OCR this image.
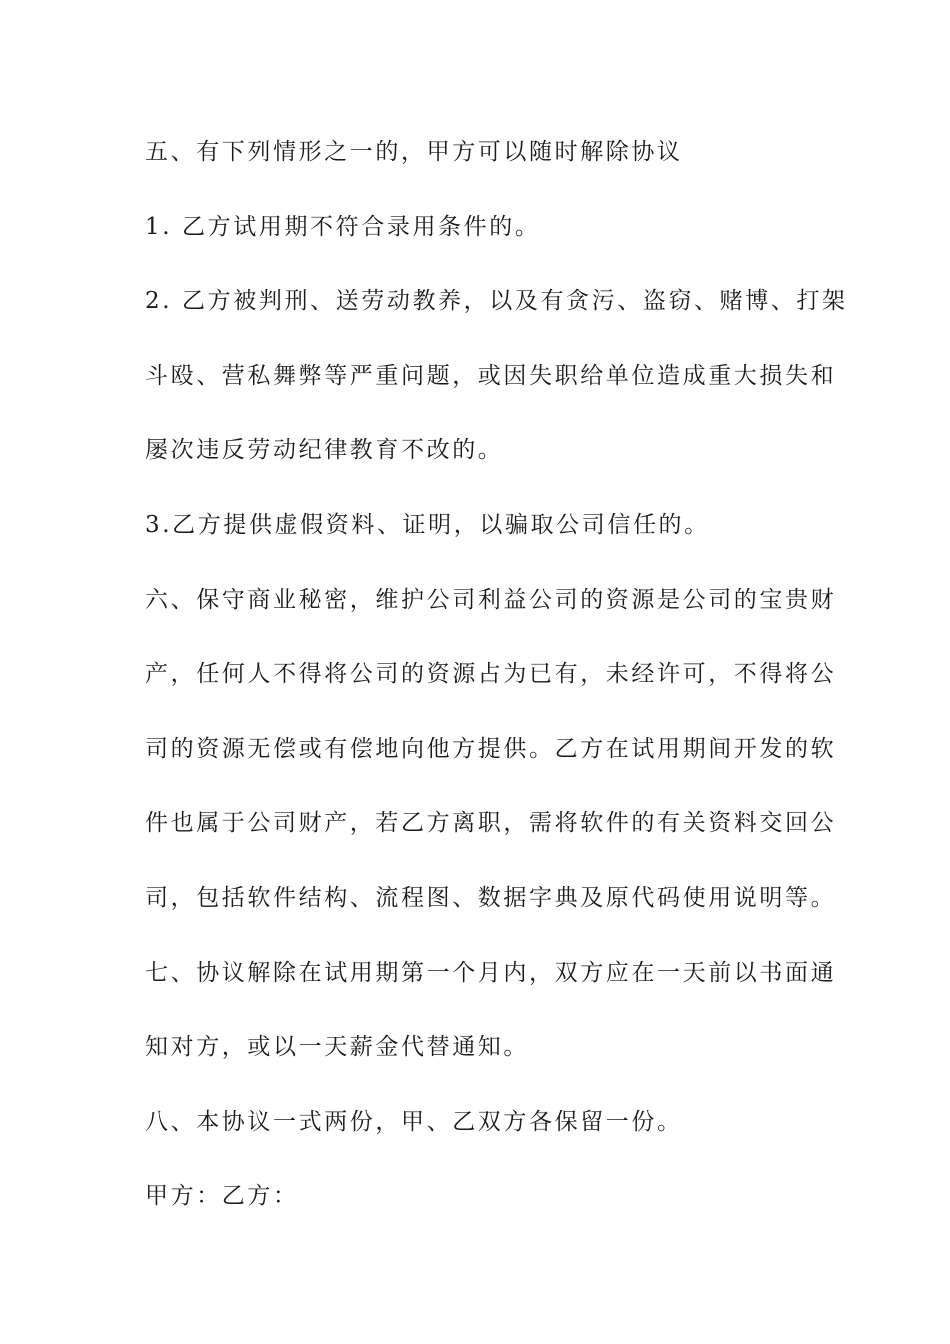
五、有下列情形之一的，甲方可以随时解除协议
1. 乙方试用期不符合录用条件的。
2. 乙方被判刑、送劳动教养，以及有贪污、盗窃、赌博、打架
斗殴、营私舞弊等严重问题，或因失职给单位造成重大损失和
屡次违反劳动纪律教育不改的。
3.乙方提供虚假资料、证明，以骗取公司信任的。
六、保守商业秘密，维护公司利益公司的资源是公司的宝贵财
产，任何人不得将公司的资源占为已有，未经许可，不得将公
司的资源无偿或有偿地向他方提供。乙方在试用期间开发的软
件也属于公司财产，若乙方离职，需将软件的有关资料交回公
司，包括软件结构、流程图、数据字典及原代码使用说明等。
七、协议解除在试用期第一个月内，双方应在一天前以书面通
知对方，或以一天薪金代替通知。
八、本协议一式两份，甲、乙双方各保留一份。
甲方：乙方：
